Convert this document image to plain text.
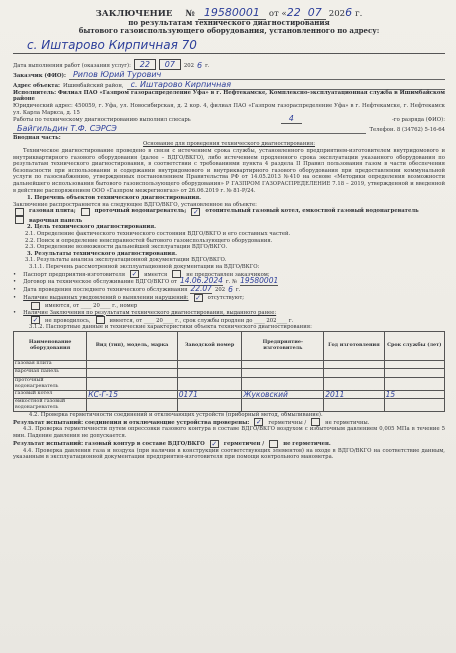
ЗАКЛЮЧЕНИЕ № 19580001 от «22 07 2026 г.
по результатам технического диагностирования
бытового газоиспользующего оборудования, установленного по адресу:
с. Иштарово Кирпичная 70
Дата выполнения работ (оказания услуг):	22	07	202 6 г.
Заказчик (ФИО): Рипов Юрий Турович
Адрес объекта: Ишимбайский район, с. Иштарово Кирпичная

Исполнитель: Филиал ПАО «Газпром газораспределение Уфа» в г. Нефтекамске, Комплексно-эксплуатационная служба в Ишимбайском районе

Юридический адрес: 450059, г. Уфа, ул. Новосибирская, д. 2 кор. 4, филиал ПАО «Газпром газораспределение Уфа» в г. Нефтекамске, г. Нефтекамск ул. Карла Маркса, д. 15

Работы по техническому диагностированию выполнил слесарь	4	-го разряда (ФИО):
Байгильдин Т.Ф. СЭРСЭ	Телефон. 8 (34762) 5-16-64
Вводная часть:
Основание для проведения технического диагностирования:

Техническое диагностирование проведено в связи с истечением срока службы, установленного предприятием-изготовителем внутридомового и внутриквартирного газового оборудования (далее – ВДГО/ВКГО), либо истечением продленного срока эксплуатации указанного оборудования по результатам технического диагностирования, в соответствии с требованиями пункта 4 раздела II Правил пользования газом в части обеспечения безопасности при использовании и содержании внутридомового и внутриквартирного газового оборудования при предоставлении коммунальной услуги по газоснабжению, утвержденных постановлением Правительства РФ от 14.05.2013 №410 на основе «Методики определения возможности дальнейшего использования бытового газоиспользующего оборудования» Р ГАЗПРОМ ГАЗОРАСПРЕДЕЛЕНИЕ 7.18 – 2019, утвержденной и введенной в действие распоряжением ООО «Газпром межрегионгаз» от 26.06.2019 г. № 81-Р/24.

1. Перечень объектов технического диагностирования.
Заключение распространяется на следующее ВДГО/ВКГО, установленное на объекте:
газовая плита;	проточный водонагреватель; ✓ отопительный газовый котел, емкостной газовый водонагреватель
варочная панель
2. Цель технического диагностирования.
2.1. Определение фактического технического состояния ВДГО/ВКГО и его составных частей.
2.2. Поиск и определение неисправностей бытового газоиспользующего оборудования.
2.3. Определение возможности дальнейшей эксплуатации ВДГО/ВКГО.
3. Результаты технического диагностирования.
3.1. Результаты анализа эксплуатационной документации ВДГО/ВКГО.
3.1.1. Перечень рассмотренной эксплуатационной документации на ВДГО/ВКГО:
• Паспорт предприятия-изготовителя ✓ имеется	не предоставлен заказчиком;
• Договор на техническое обслуживание ВДГО/ВКГО от 14.06.2024 г. № 19580001
• Дата проведения последнего технического обслуживания 22.07 202 6 г.
• Наличие выданных уведомлений о выявлении нарушений: ✓ отсутствуют;
имеются, от ____ 20____ г., номер
• Наличие Заключения по результатам технического диагностирования, выданного ранее:
✓ не проводилось,	имеется, от ____ 20____ г., срок службы продлен до ____ 202____ г.
3.1.2. Паспортные данные и технические характеристики объекта технического диагностирования:
Наименование оборудования	Вид (тип), модель, марка	Заводской номер	Предприятие-изготовитель	Год изготовления	Срок службы (лет)
газовая плита					
варочная панель					
проточный водонагреватель					
газовый котел	КС-Г-15	0171	Жуковский	2011	15
емкостной газовый водонагреватель					
4.2. Проверка герметичности соединений и отключающих устройств (приборный метод, обмыливание).
Результат испытаний: соединения и отключающие устройства проверены: ✓ герметичны /	не герметичны.

4.3. Проверка герметичности путем опрессовки газового контура в составе ВДГО/ВКГО воздухом с избыточным давлением 0,005 МПа в течение 5 мин. Падение давления не допускается.

Результат испытаний: газовый контур в составе ВДГО/ВКГО ✓ герметичен /	не герметичен.

4.4. Проверка давления газа и воздуха (при наличии в конструкции соответствующих элементов) на входе в ВДГО/ВКГО на соответствие данным, указанным в эксплуатационной документации предприятия-изготовителя при помощи контрольного манометра.
